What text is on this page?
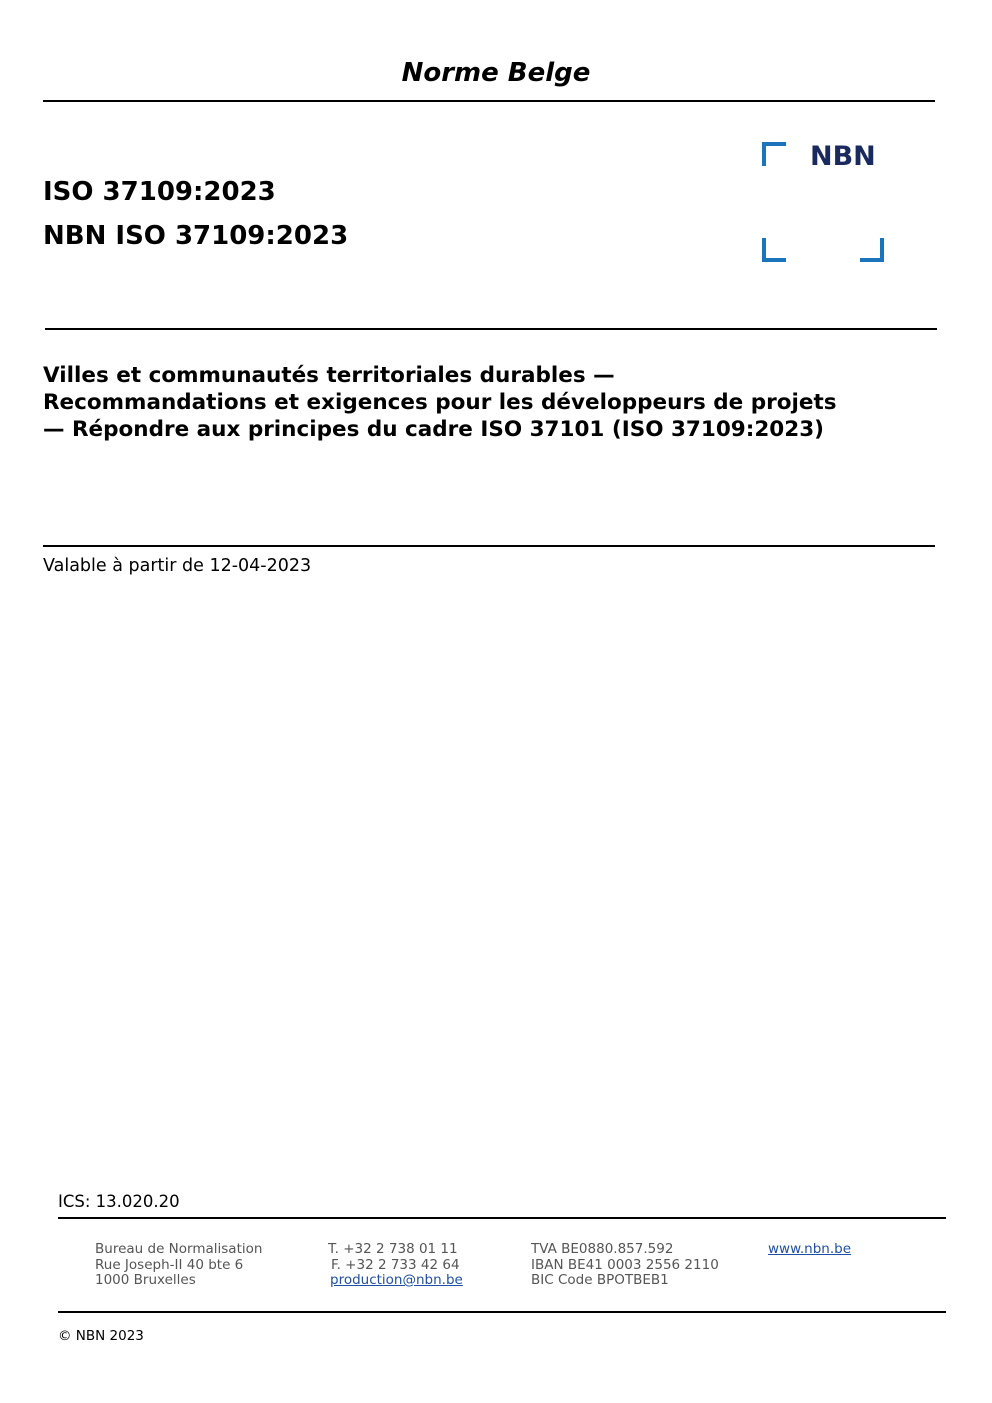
Norme Belge
ISO 37109:2023
NBN ISO 37109:2023
NBN
Villes et communautés territoriales durables — Recommandations et exigences pour les développeurs de projets — Répondre aux principes du cadre ISO 37101 (ISO 37109:2023)
Valable à partir de 12-04-2023
ICS: 13.020.20
Bureau de Normalisation
Rue Joseph-II 40 bte 6
1000 Bruxelles
T. +32 2 738 01 11
F. +32 2 733 42 64
production@nbn.be
TVA BE0880.857.592
IBAN BE41 0003 2556 2110
BIC Code BPOTBEB1
www.nbn.be
© NBN 2023
